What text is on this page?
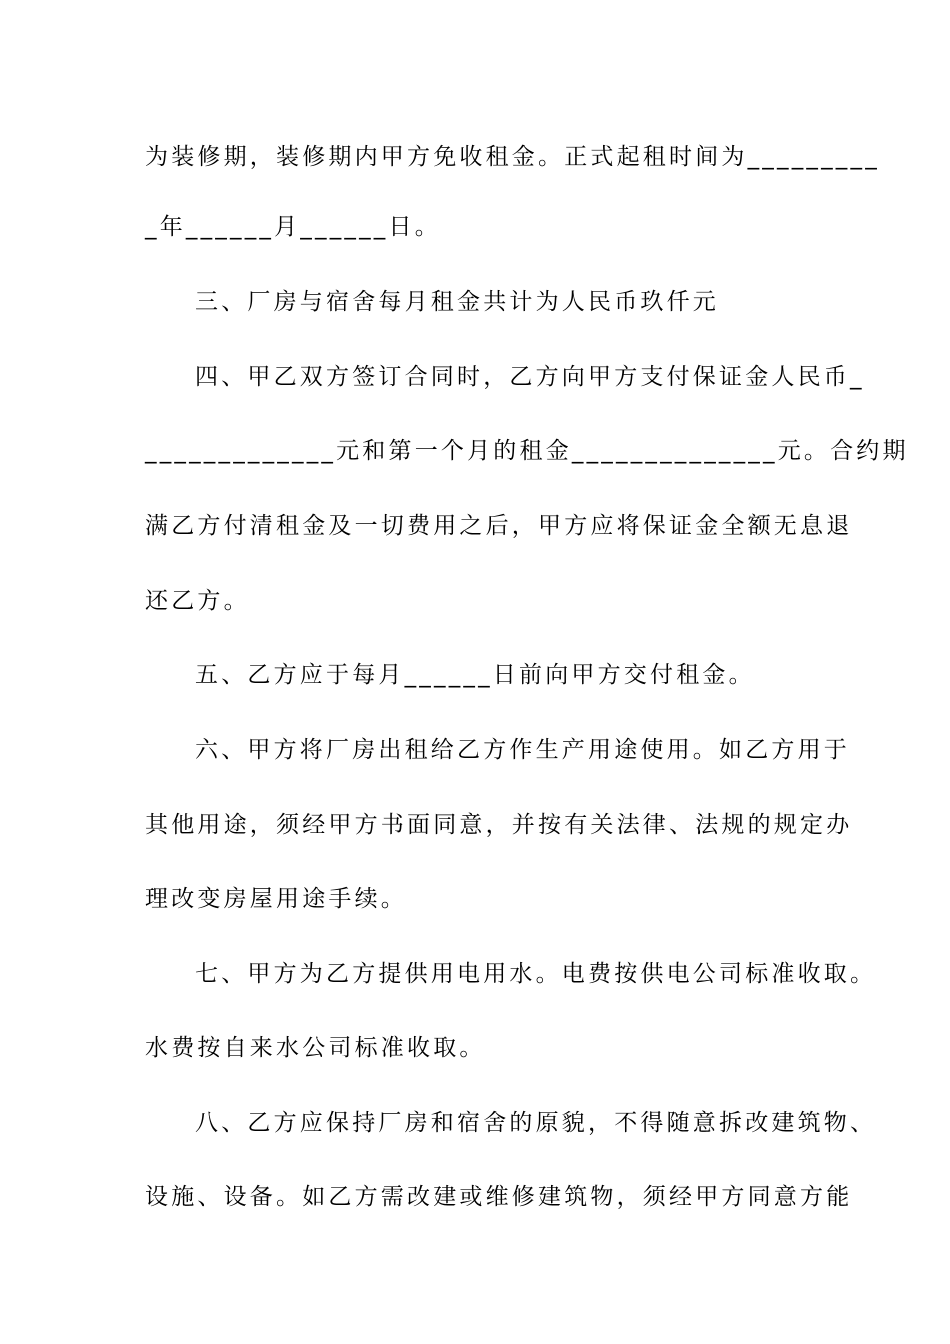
为装修期，装修期内甲方免收租金。正式起租时间为_________
_年______月______日。
三、厂房与宿舍每月租金共计为人民币玖仟元
四、甲乙双方签订合同时，乙方向甲方支付保证金人民币_
_____________元和第一个月的租金______________元。合约期
满乙方付清租金及一切费用之后，甲方应将保证金全额无息退
还乙方。
五、乙方应于每月______日前向甲方交付租金。
六、甲方将厂房出租给乙方作生产用途使用。如乙方用于
其他用途，须经甲方书面同意，并按有关法律、法规的规定办
理改变房屋用途手续。
七、甲方为乙方提供用电用水。电费按供电公司标准收取。
水费按自来水公司标准收取。
八、乙方应保持厂房和宿舍的原貌，不得随意拆改建筑物、
设施、设备。如乙方需改建或维修建筑物，须经甲方同意方能
